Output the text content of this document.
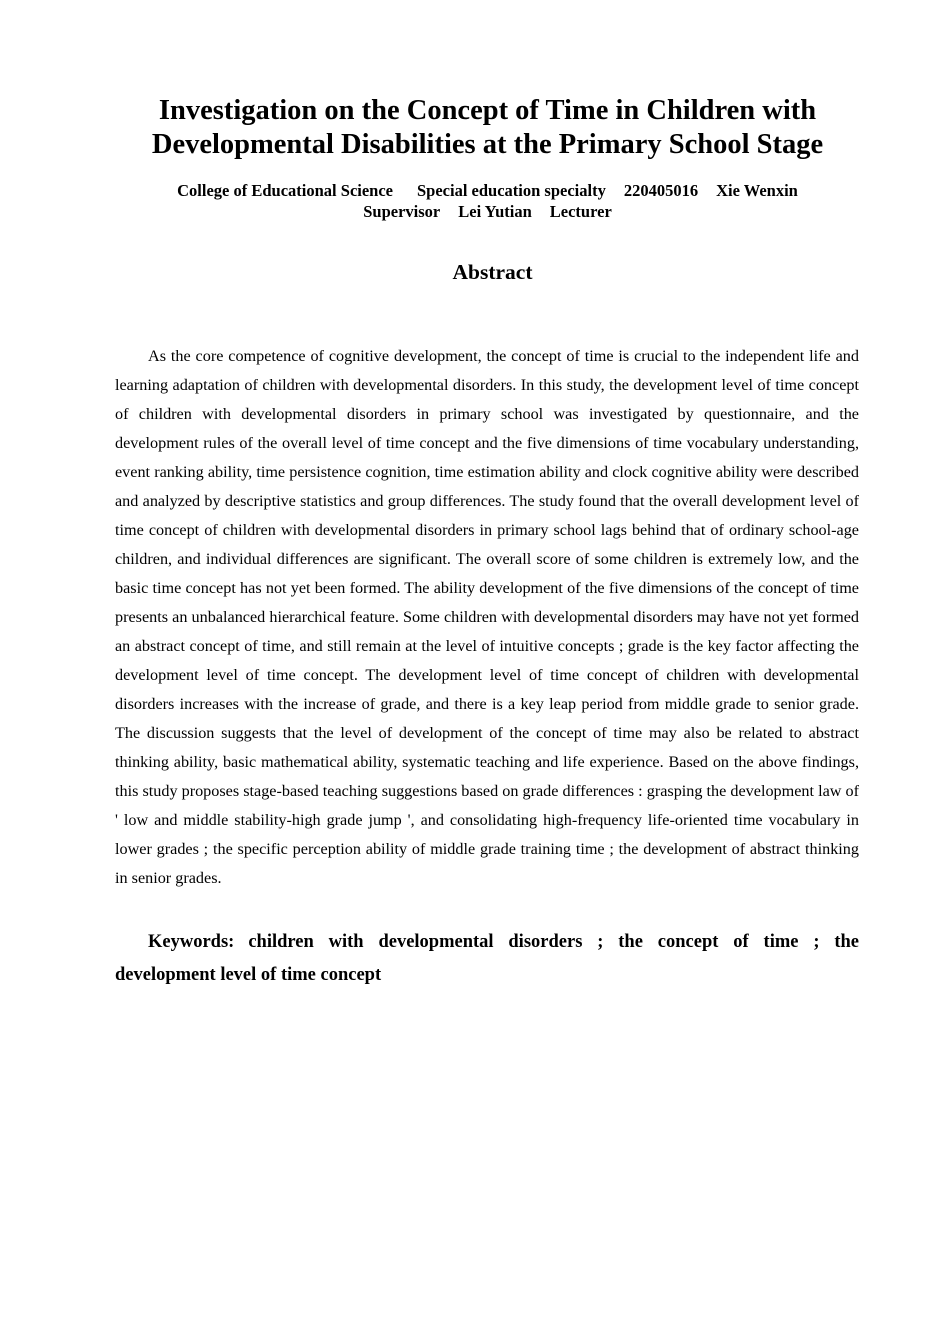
Investigation on the Concept of Time in Children with
Developmental Disabilities at the Primary School Stage
College of Educational Science Special education specialty 220405016 Xie Wenxin
Supervisor Lei Yutian Lecturer
Abstract

As the core competence of cognitive development, the concept of time is crucial to the independent life and learning adaptation of children with developmental disorders. In this study, the development level of time concept of children with developmental disorders in primary school was investigated by questionnaire, and the development rules of the overall level of time concept and the five dimensions of time vocabulary understanding, event ranking ability, time persistence cognition, time estimation ability and clock cognitive ability were described and analyzed by descriptive statistics and group differences. The study found that the overall development level of time concept of children with developmental disorders in primary school lags behind that of ordinary school-age children, and individual differences are significant. The overall score of some children is extremely low, and the basic time concept has not yet been formed. The ability development of the five dimensions of the concept of time presents an unbalanced hierarchical feature. Some children with developmental disorders may have not yet formed an abstract concept of time, and still remain at the level of intuitive concepts ; grade is the key factor affecting the development level of time concept. The development level of time concept of children with developmental disorders increases with the increase of grade, and there is a key leap period from middle grade to senior grade. The discussion suggests that the level of development of the concept of time may also be related to abstract thinking ability, basic mathematical ability, systematic teaching and life experience. Based on the above findings, this study proposes stage-based teaching suggestions based on grade differences : grasping the development law of ' low and middle stability-high grade jump ', and consolidating high-frequency life-oriented time vocabulary in lower grades ; the specific perception ability of middle grade training time ; the development of abstract thinking in senior grades.

Keywords: children with developmental disorders ; the concept of time ; the development level of time concept
